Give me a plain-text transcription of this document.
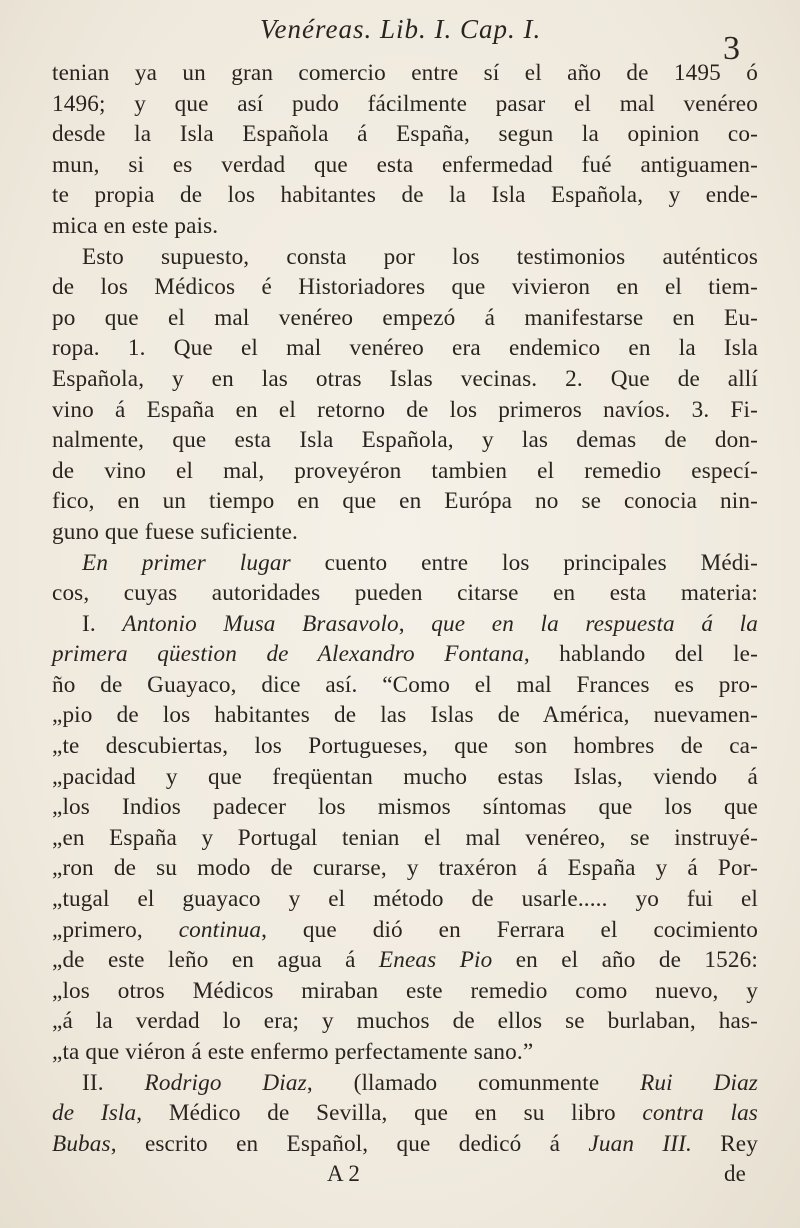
Venéreas. Lib. I. Cap. I.
3
tenian ya un gran comercio entre sí el año de 1495 ó
1496; y que así pudo fácilmente pasar el mal venéreo
desde la Isla Española á España, segun la opinion co-
mun, si es verdad que esta enfermedad fué antiguamen-
te propia de los habitantes de la Isla Española, y ende-
mica en este pais.
Esto supuesto, consta por los testimonios auténticos
de los Médicos é Historiadores que vivieron en el tiem-
po que el mal venéreo empezó á manifestarse en Eu-
ropa. 1. Que el mal venéreo era endemico en la Isla
Española, y en las otras Islas vecinas. 2. Que de allí
vino á España en el retorno de los primeros navíos. 3. Fi-
nalmente, que esta Isla Española, y las demas de don-
de vino el mal, proveyéron tambien el remedio especí-
fico, en un tiempo en que en Európa no se conocia nin-
guno que fuese suficiente.
En primer lugar cuento entre los principales Médi-
cos, cuyas autoridades pueden citarse en esta materia:
I. Antonio Musa Brasavolo, que en la respuesta á la
primera qüestion de Alexandro Fontana, hablando del le-
ño de Guayaco, dice así. “Como el mal Frances es pro-
„pio de los habitantes de las Islas de América, nuevamen-
„te descubiertas, los Portugueses, que son hombres de ca-
„pacidad y que freqüentan mucho estas Islas, viendo á
„los Indios padecer los mismos síntomas que los que
„en España y Portugal tenian el mal venéreo, se instruyé-
„ron de su modo de curarse, y traxéron á España y á Por-
„tugal el guayaco y el método de usarle..... yo fui el
„primero, continua, que dió en Ferrara el cocimiento
„de este leño en agua á Eneas Pio en el año de 1526:
„los otros Médicos miraban este remedio como nuevo, y
„á la verdad lo era; y muchos de ellos se burlaban, has-
„ta que viéron á este enfermo perfectamente sano.”
II. Rodrigo Diaz, (llamado comunmente Rui Diaz
de Isla, Médico de Sevilla, que en su libro contra las
Bubas, escrito en Español, que dedicó á Juan III. Rey
A 2	de
